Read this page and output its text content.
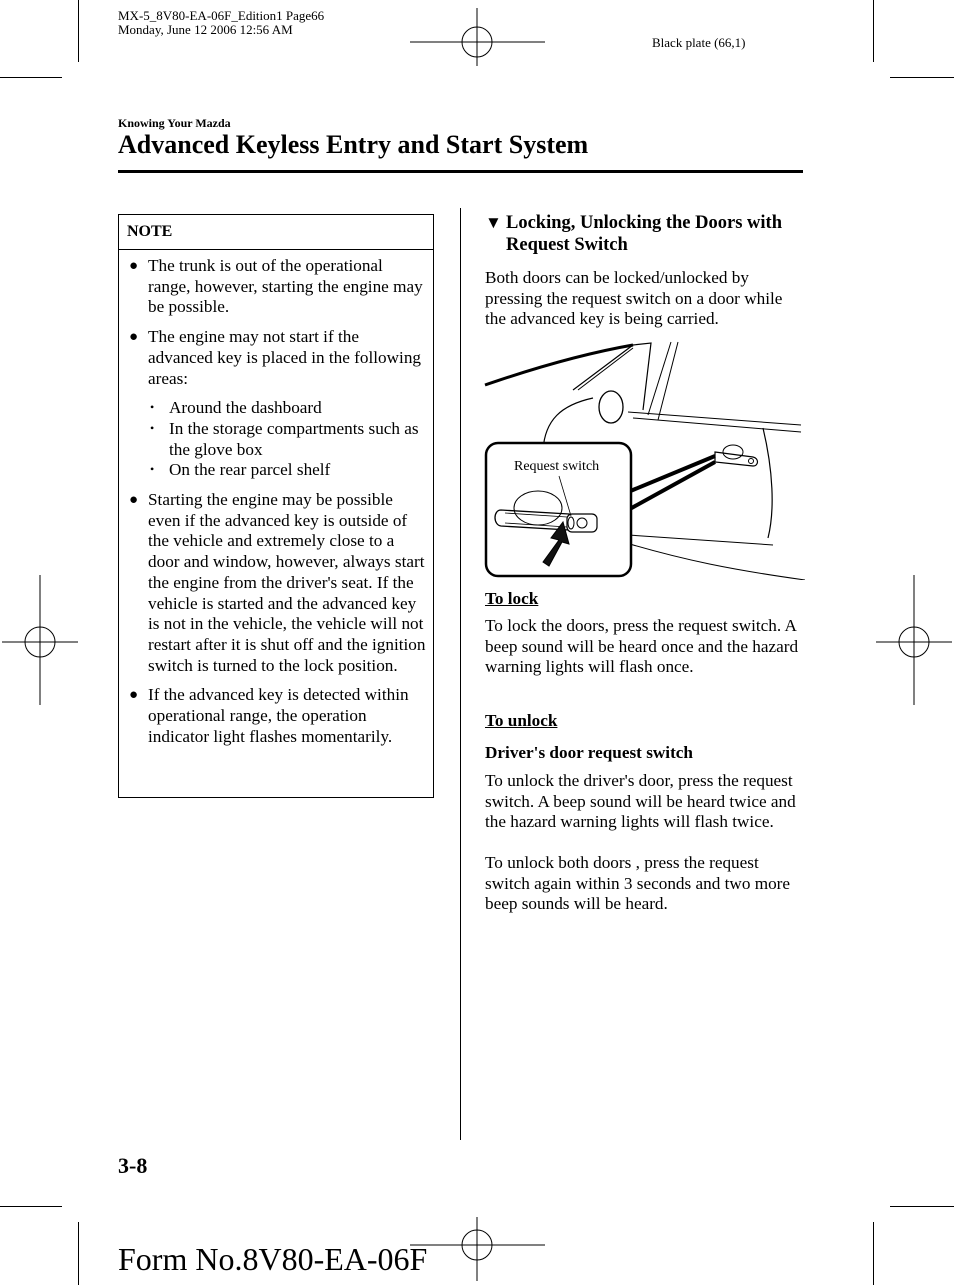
MX-5_8V80-EA-06F_Edition1 Page66
Monday, June 12 2006 12:56 AM
Black plate (66,1)
Knowing Your Mazda
Advanced Keyless Entry and Start System
NOTE
● The trunk is out of the operational range, however, starting the engine may be possible.
● The engine may not start if the advanced key is placed in the following areas:
• Around the dashboard
• In the storage compartments such as the glove box
• On the rear parcel shelf
● Starting the engine may be possible even if the advanced key is outside of the vehicle and extremely close to a door and window, however, always start the engine from the driver's seat. If the vehicle is started and the advanced key is not in the vehicle, the vehicle will not restart after it is shut off and the ignition switch is turned to the lock position.
● If the advanced key is detected within operational range, the operation indicator light flashes momentarily.
▼ Locking, Unlocking the Doors with Request Switch
Both doors can be locked/unlocked by pressing the request switch on a door while the advanced key is being carried.
Request switch
To lock
To lock the doors, press the request switch. A beep sound will be heard once and the hazard warning lights will flash once.
To unlock
Driver's door request switch
To unlock the driver's door, press the request switch. A beep sound will be heard twice and the hazard warning lights will flash twice.
To unlock both doors , press the request switch again within 3 seconds and two more beep sounds will be heard.
3-8
Form No.8V80-EA-06F
